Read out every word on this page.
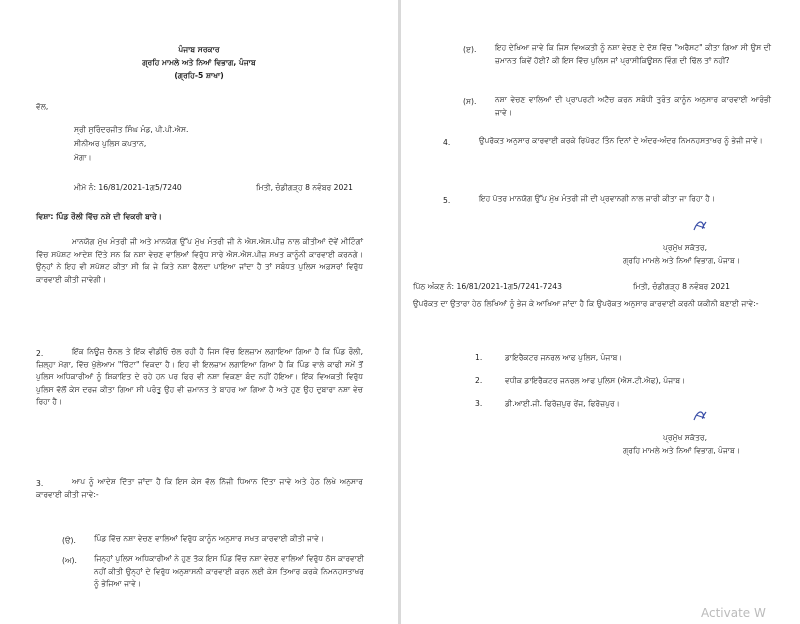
ਪੰਜਾਬ ਸਰਕਾਰ
ਗ੍ਰਹਿ ਮਾਮਲੇ ਅਤੇ ਨਿਆਂ ਵਿਭਾਗ, ਪੰਜਾਬ
(ਗ੍ਰਹਿ-5 ਸ਼ਾਖਾ)
ਵੱਲ,
ਸ੍ਰੀ ਸੁਰਿੰਦਰਜੀਤ ਸਿੰਘ ਮੰਡ, ਪੀ.ਪੀ.ਐਸ.
ਸੀਨੀਅਰ ਪੁਲਿਸ ਕਪਤਾਨ,
ਮੋਗਾ।
ਮੀਮੋ ਨੰ: 16/81/2021-1ਗ5/7240	ਮਿਤੀ, ਚੰਡੀਗੜ੍ਹ 8 ਨਵੰਬਰ 2021
ਵਿਸ਼ਾ: ਪਿੰਡ ਰੌਲੀ ਵਿੱਚ ਨਸ਼ੇ ਦੀ ਵਿਕਰੀ ਬਾਰੇ।
ਮਾਨਯੋਗ ਮੁੱਖ ਮੰਤਰੀ ਜੀ ਅਤੇ ਮਾਨਯੋਗ ਉੱਪ ਮੁੱਖ ਮੰਤਰੀ ਜੀ ਨੇ ਐਸ.ਐਸ.ਪੀਜ਼ ਨਾਲ ਕੀਤੀਆਂ ਦੋਵੇਂ ਮੀਟਿੰਗਾਂ ਵਿੱਚ ਸਪੱਸ਼ਟ ਆਦੇਸ਼ ਦਿੱਤੇ ਸਨ ਕਿ ਨਸ਼ਾ ਵੇਚਣ ਵਾਲਿਆਂ ਵਿਰੁੱਧ ਸਾਰੇ ਐਸ.ਐਸ.ਪੀਜ਼ ਸਖਤ ਕਾਨੂੰਨੀ ਕਾਰਵਾਈ ਕਰਨਗੇ। ਉਨ੍ਹਾਂ ਨੇ ਇਹ ਵੀ ਸਪੱਸ਼ਟ ਕੀਤਾ ਸੀ ਕਿ ਜੇ ਕਿਤੇ ਨਸ਼ਾ ਫੈਲਦਾ ਪਾਇਆ ਜਾਂਦਾ ਹੈ ਤਾਂ ਸਬੰਧਤ ਪੁਲਿਸ ਅਫ਼ਸਰਾਂ ਵਿਰੁੱਧ ਕਾਰਵਾਈ ਕੀਤੀ ਜਾਵੇਗੀ।
2.	ਇੱਕ ਨਿਊਜ਼ ਚੈਨਲ ਤੇ ਇੱਕ ਵੀਡੀਓ ਚੱਲ ਰਹੀ ਹੈ ਜਿਸ ਵਿੱਚ ਇਲਜ਼ਾਮ ਲਗਾਇਆ ਗਿਆ ਹੈ ਕਿ ਪਿੰਡ ਰੌਲੀ, ਜ਼ਿਲ੍ਹਾ ਮੋਗਾ, ਵਿੱਚ ਖੁੱਲੇਆਮ "ਚਿੱਟਾ" ਵਿਕਦਾ ਹੈ। ਇਹ ਵੀ ਇਲਜ਼ਾਮ ਲਗਾਇਆ ਗਿਆ ਹੈ ਕਿ ਪਿੰਡ ਵਾਲੇ ਕਾਫੀ ਸਮੇਂ ਤੋਂ ਪੁਲਿਸ ਅਧਿਕਾਰੀਆਂ ਨੂੰ ਸ਼ਿਕਾਇਤ ਦੇ ਰਹੇ ਹਨ ਪਰ ਫਿਰ ਵੀ ਨਸ਼ਾ ਵਿਕਣਾ ਬੰਦ ਨਹੀਂ ਹੋਇਆ। ਇੱਕ ਵਿਅਕਤੀ ਵਿਰੁੱਧ ਪੁਲਿਸ ਵੱਲੋਂ ਕੇਸ ਦਰਜ ਕੀਤਾ ਗਿਆ ਸੀ ਪਰੰਤੂ ਉਹ ਵੀ ਜ਼ਮਾਨਤ ਤੇ ਬਾਹਰ ਆ ਗਿਆ ਹੈ ਅਤੇ ਹੁਣ ਉਹ ਦੁਬਾਰਾ ਨਸ਼ਾ ਵੇਚ ਰਿਹਾ ਹੈ।
3.	ਆਪ ਨੂੰ ਆਦੇਸ਼ ਦਿੱਤਾ ਜਾਂਦਾ ਹੈ ਕਿ ਇਸ ਕੇਸ ਵੱਲ ਨਿੱਜੀ ਧਿਆਨ ਦਿੱਤਾ ਜਾਵੇ ਅਤੇ ਹੇਠ ਲਿਖੇ ਅਨੁਸਾਰ ਕਾਰਵਾਈ ਕੀਤੀ ਜਾਵੇ:-
(ੳ). ਪਿੰਡ ਵਿੱਚ ਨਸ਼ਾ ਵੇਚਣ ਵਾਲਿਆਂ ਵਿਰੁੱਧ ਕਾਨੂੰਨ ਅਨੁਸਾਰ ਸਖਤ ਕਾਰਵਾਈ ਕੀਤੀ ਜਾਵੇ।
(ਅ). ਜਿਨ੍ਹਾਂ ਪੁਲਿਸ ਅਧਿਕਾਰੀਆਂ ਨੇ ਹੁਣ ਤੱਕ ਇਸ ਪਿੰਡ ਵਿੱਚ ਨਸ਼ਾ ਵੇਚਣ ਵਾਲਿਆਂ ਵਿਰੁੱਧ ਠੋਸ ਕਾਰਵਾਈ ਨਹੀਂ ਕੀਤੀ ਉਨ੍ਹਾਂ ਦੇ ਵਿਰੁੱਧ ਅਨੁਸ਼ਾਸਨੀ ਕਾਰਵਾਈ ਕਰਨ ਲਈ ਕੇਸ ਤਿਆਰ ਕਰਕੇ ਨਿਮਨਹਸਤਾਖਰ ਨੂੰ ਭੇਜਿਆ ਜਾਵੇ।
(ੲ). ਇਹ ਦੇਖਿਆ ਜਾਵੇ ਕਿ ਜਿਸ ਵਿਅਕਤੀ ਨੂੰ ਨਸ਼ਾ ਵੇਚਣ ਦੇ ਦੋਸ਼ ਵਿੱਚ "ਅਰੈਸਟ" ਕੀਤਾ ਗਿਆ ਸੀ ਉਸ ਦੀ ਜ਼ਮਾਨਤ ਕਿਵੇਂ ਹੋਈ? ਕੀ ਇਸ ਵਿੱਚ ਪੁਲਿਸ ਜਾਂ ਪ੍ਰਾਸੀਕਿਊਸ਼ਨ ਵਿੰਗ ਦੀ ਢਿੱਲ ਤਾਂ ਨਹੀਂ?
(ਸ). ਨਸ਼ਾ ਵੇਚਣ ਵਾਲਿਆਂ ਦੀ ਪ੍ਰਾਪਰਟੀ ਅਟੈਚ ਕਰਨ ਸਬੰਧੀ ਤੁਰੰਤ ਕਾਨੂੰਨ ਅਨੁਸਾਰ ਕਾਰਵਾਈ ਆਰੰਭੀ ਜਾਵੇ।
4.	ਉਪਰੋਕਤ ਅਨੁਸਾਰ ਕਾਰਵਾਈ ਕਰਕੇ ਰਿਪੋਰਟ ਤਿੰਨ ਦਿਨਾਂ ਦੇ ਅੰਦਰ-ਅੰਦਰ ਨਿਮਨਹਸਤਾਖਰ ਨੂੰ ਭੇਜੀ ਜਾਵੇ।
5.	ਇਹ ਪੱਤਰ ਮਾਨਯੋਗ ਉੱਪ ਮੁੱਖ ਮੰਤਰੀ ਜੀ ਦੀ ਪ੍ਰਵਾਨਗੀ ਨਾਲ ਜਾਰੀ ਕੀਤਾ ਜਾ ਰਿਹਾ ਹੈ।
ਪ੍ਰਮੁੱਖ ਸਕੱਤਰ,
ਗ੍ਰਹਿ ਮਾਮਲੇ ਅਤੇ ਨਿਆਂ ਵਿਭਾਗ, ਪੰਜਾਬ।
ਪਿੱਠ ਅੰਕਣ ਨੰ: 16/81/2021-1ਗ5/7241-7243	ਮਿਤੀ, ਚੰਡੀਗੜ੍ਹ 8 ਨਵੰਬਰ 2021
ਉਪਰੋਕਤ ਦਾ ਉਤਾਰਾ ਹੇਠ ਲਿਖਿਆਂ ਨੂੰ ਭੇਜ ਕੇ ਆਖਿਆ ਜਾਂਦਾ ਹੈ ਕਿ ਉਪਰੋਕਤ ਅਨੁਸਾਰ ਕਾਰਵਾਈ ਕਰਨੀ ਯਕੀਨੀ ਬਣਾਈ ਜਾਵੇ:-
1.	ਡਾਇਰੈਕਟਰ ਜਨਰਲ ਆਫ ਪੁਲਿਸ, ਪੰਜਾਬ।
2.	ਵਧੀਕ ਡਾਇਰੈਕਟਰ ਜਨਰਲ ਆਫ ਪੁਲਿਸ (ਐਸ.ਟੀ.ਐਫ), ਪੰਜਾਬ।
3.	ਡੀ.ਆਈ.ਜੀ. ਫਿਰੋਜ਼ਪੁਰ ਰੇਂਜ, ਫਿਰੋਜ਼ਪੁਰ।
ਪ੍ਰਮੁੱਖ ਸਕੱਤਰ,
ਗ੍ਰਹਿ ਮਾਮਲੇ ਅਤੇ ਨਿਆਂ ਵਿਭਾਗ, ਪੰਜਾਬ।
Activate W
